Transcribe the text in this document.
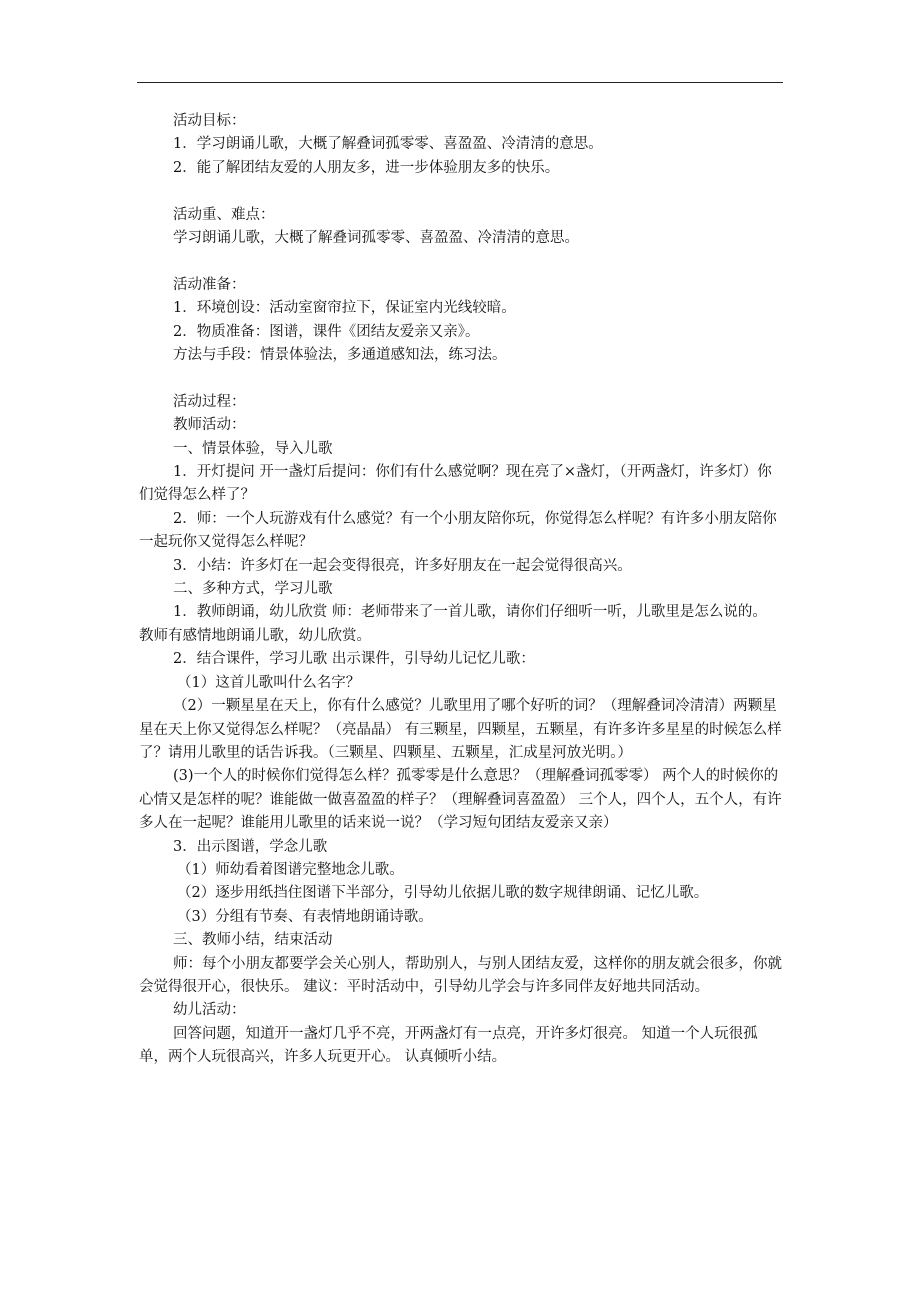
活动目标：
1．学习朗诵儿歌，大概了解叠词孤零零、喜盈盈、冷清清的意思。
2．能了解团结友爱的人朋友多，进一步体验朋友多的快乐。
活动重、难点：
学习朗诵儿歌，大概了解叠词孤零零、喜盈盈、冷清清的意思。
活动准备：
1．环境创设：活动室窗帘拉下，保证室内光线较暗。
2．物质准备：图谱，课件《团结友爱亲又亲》。
方法与手段：情景体验法，多通道感知法，练习法。
活动过程：
教师活动：
一、情景体验，导入儿歌
1．开灯提问 开一盏灯后提问：你们有什么感觉啊？现在亮了×盏灯，（开两盏灯，许多灯）你们觉得怎么样了？
2．师：一个人玩游戏有什么感觉？有一个小朋友陪你玩，你觉得怎么样呢？有许多小朋友陪你一起玩你又觉得怎么样呢？
3．小结：许多灯在一起会变得很亮，许多好朋友在一起会觉得很高兴。
二、多种方式，学习儿歌
1．教师朗诵，幼儿欣赏 师：老师带来了一首儿歌，请你们仔细听一听，儿歌里是怎么说的。 教师有感情地朗诵儿歌，幼儿欣赏。
2．结合课件，学习儿歌 出示课件，引导幼儿记忆儿歌：
（1）这首儿歌叫什么名字？
（2）一颗星星在天上，你有什么感觉？儿歌里用了哪个好听的词？（理解叠词冷清清）两颗星星在天上你又觉得怎么样呢？（亮晶晶） 有三颗星，四颗星，五颗星，有许多许多星星的时候怎么样了？请用儿歌里的话告诉我。（三颗星、四颗星、五颗星，汇成星河放光明。）
(3)一个人的时候你们觉得怎么样？孤零零是什么意思？（理解叠词孤零零） 两个人的时候你的心情又是怎样的呢？谁能做一做喜盈盈的样子？（理解叠词喜盈盈） 三个人，四个人，五个人，有许多人在一起呢？谁能用儿歌里的话来说一说？（学习短句团结友爱亲又亲）
3．出示图谱，学念儿歌
（1）师幼看着图谱完整地念儿歌。
（2）逐步用纸挡住图谱下半部分，引导幼儿依据儿歌的数字规律朗诵、记忆儿歌。
（3）分组有节奏、有表情地朗诵诗歌。
三、教师小结，结束活动
师：每个小朋友都要学会关心别人，帮助别人，与别人团结友爱，这样你的朋友就会很多，你就会觉得很开心，很快乐。 建议：平时活动中，引导幼儿学会与许多同伴友好地共同活动。
幼儿活动：
回答问题，知道开一盏灯几乎不亮，开两盏灯有一点亮，开许多灯很亮。 知道一个人玩很孤单，两个人玩很高兴，许多人玩更开心。 认真倾听小结。
